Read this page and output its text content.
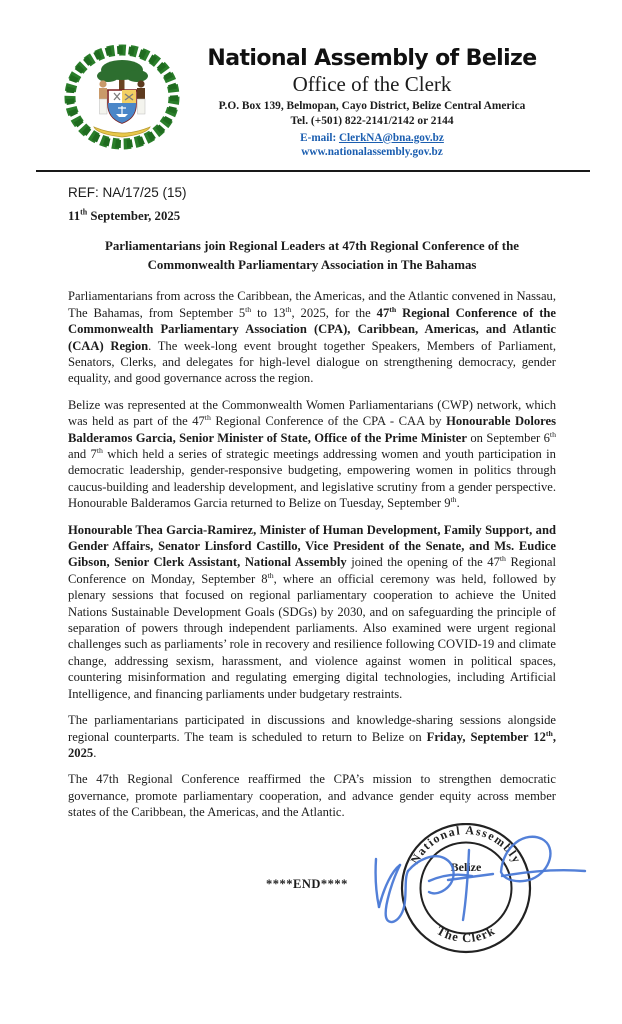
National Assembly of Belize
Office of the Clerk
P.O. Box 139, Belmopan, Cayo District, Belize Central America
Tel. (+501) 822-2141/2142 or 2144
E-mail: ClerkNA@bna.gov.bz
www.nationalassembly.gov.bz
REF: NA/17/25 (15)
11th September, 2025
Parliamentarians join Regional Leaders at 47th Regional Conference of the
Commonwealth Parliamentary Association in The Bahamas

Parliamentarians from across the Caribbean, the Americas, and the Atlantic convened in Nassau, The Bahamas, from September 5th to 13th, 2025, for the 47th Regional Conference of the Commonwealth Parliamentary Association (CPA), Caribbean, Americas, and Atlantic (CAA) Region. The week-long event brought together Speakers, Members of Parliament, Senators, Clerks, and delegates for high-level dialogue on strengthening democracy, gender equality, and good governance across the region.

Belize was represented at the Commonwealth Women Parliamentarians (CWP) network, which was held as part of the 47th Regional Conference of the CPA - CAA by Honourable Dolores Balderamos Garcia, Senior Minister of State, Office of the Prime Minister on September 6th and 7th which held a series of strategic meetings addressing women and youth participation in democratic leadership, gender-responsive budgeting, empowering women in politics through caucus-building and leadership development, and legislative scrutiny from a gender perspective. Honourable Balderamos Garcia returned to Belize on Tuesday, September 9th.

Honourable Thea Garcia-Ramirez, Minister of Human Development, Family Support, and Gender Affairs, Senator Linsford Castillo, Vice President of the Senate, and Ms. Eudice Gibson, Senior Clerk Assistant, National Assembly joined the opening of the 47th Regional Conference on Monday, September 8th, where an official ceremony was held, followed by plenary sessions that focused on regional parliamentary cooperation to achieve the United Nations Sustainable Development Goals (SDGs) by 2030, and on safeguarding the principle of separation of powers through independent parliaments. Also examined were urgent regional challenges such as parliaments’ role in recovery and resilience following COVID-19 and climate change, addressing sexism, harassment, and violence against women in political spaces, countering misinformation and regulating emerging digital technologies, including Artificial Intelligence, and financing parliaments under budgetary restraints.

The parliamentarians participated in discussions and knowledge-sharing sessions alongside regional counterparts. The team is scheduled to return to Belize on Friday, September 12th, 2025.

The 47th Regional Conference reaffirmed the CPA’s mission to strengthen democratic governance, promote parliamentary cooperation, and advance gender equity across member states of the Caribbean, the Americas, and the Atlantic.

****END****
National Assembly
Belize
The Clerk
